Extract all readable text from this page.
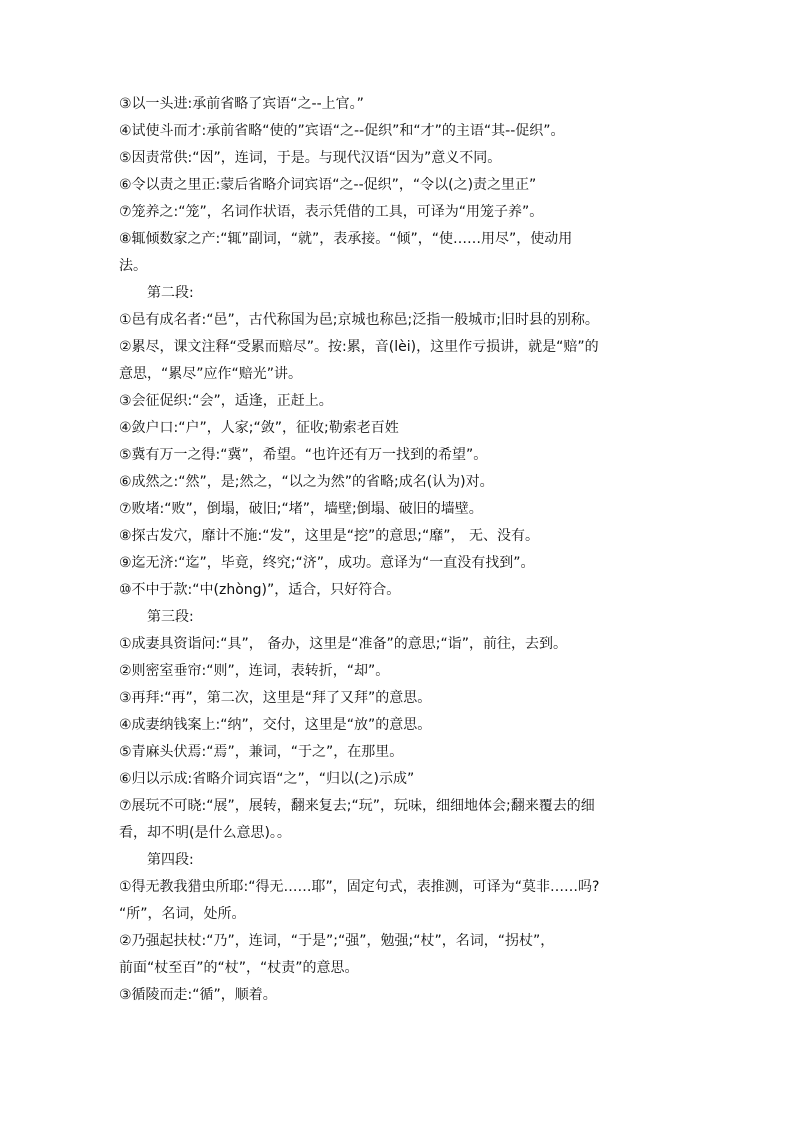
③以一头进:承前省略了宾语“之--上官。”
④试使斗而才:承前省略“使的”宾语“之--促织”和“才”的主语“其--促织”。
⑤因责常供:“因”，连词，于是。与现代汉语“因为”意义不同。
⑥令以责之里正:蒙后省略介词宾语“之--促织”，“令以(之)责之里正”
⑦笼养之:“笼”，名词作状语，表示凭借的工具，可译为“用笼子养”。
⑧辄倾数家之产:“辄”副词，“就”，表承接。“倾”，“使……用尽”，使动用
法。
第二段:
①邑有成名者:“邑”，古代称国为邑;京城也称邑;泛指一般城市;旧时县的别称。
②累尽，课文注释“受累而赔尽”。按:累，音(lèi)，这里作亏损讲，就是“赔”的
意思，“累尽”应作“赔光”讲。
③会征促织:“会”，适逢，正赶上。
④敛户口:“户”，人家;“敛”，征收;勒索老百姓
⑤冀有万一之得:“冀”，希望。“也许还有万一找到的希望”。
⑥成然之:“然”，是;然之，“以之为然”的省略;成名(认为)对。
⑦败堵:“败”，倒塌，破旧;“堵”，墙壁;倒塌、破旧的墙壁。
⑧探古发穴，靡计不施:“发”，这里是“挖”的意思;“靡”， 无、没有。
⑨迄无济:“迄”，毕竟，终究;“济”，成功。意译为“一直没有找到”。
⑩不中于款:“中(zhòng)”，适合，只好符合。
第三段:
①成妻具资诣问:“具”， 备办，这里是“准备”的意思;“诣”，前往，去到。
②则密室垂帘:“则”，连词，表转折，“却”。
③再拜:“再”，第二次，这里是“拜了又拜”的意思。
④成妻纳钱案上:“纳”，交付，这里是“放”的意思。
⑤青麻头伏焉:“焉”，兼词，“于之”，在那里。
⑥归以示成:省略介词宾语“之”，“归以(之)示成”
⑦展玩不可晓:“展”，展转，翻来复去;“玩”，玩味，细细地体会;翻来覆去的细
看，却不明(是什么意思)。。
第四段:
①得无教我猎虫所耶:“得无……耶”，固定句式，表推测，可译为“莫非……吗?
“所”，名词，处所。
②乃强起扶杖:“乃”，连词，“于是”;“强”，勉强;“杖”，名词，“拐杖”，
前面“杖至百”的“杖”，“杖责”的意思。
③循陵而走:“循”，顺着。
